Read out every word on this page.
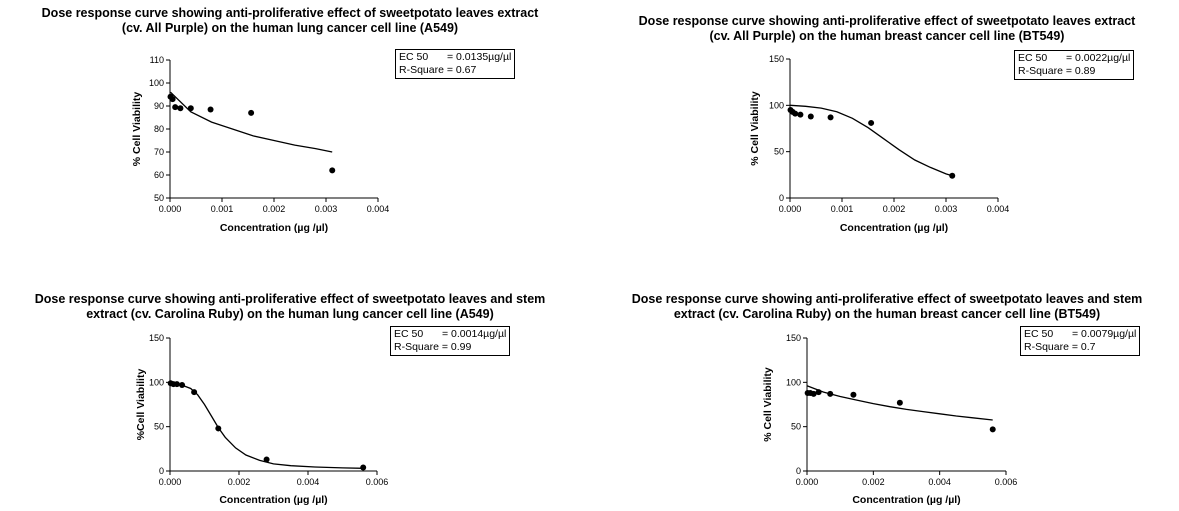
Dose response curve showing anti-proliferative effect of sweetpotato leaves extract
(cv. All Purple) on the human lung cancer cell line (A549)
50
60
70
80
90
100
110
0.000	0.001	0.002	0.003	0.004
Concentration (µg /µl)
% Cell Viability
EC 50 = 0.0135µg/µl
R-Square = 0.67
Dose response curve showing anti-proliferative effect of sweetpotato leaves extract
(cv. All Purple) on the human breast cancer cell line (BT549)
0
50
100
150
0.000	0.001	0.002	0.003	0.004
Concentration (µg /µl)
% Cell Viability
EC 50 = 0.0022µg/µl
R-Square = 0.89
Dose response curve showing anti-proliferative effect of sweetpotato leaves and stem
extract (cv. Carolina Ruby) on the human lung cancer cell line (A549)
0
50
100
150
0.000	0.002	0.004	0.006
Concentration (µg /µl)
%Cell Viability
EC 50 = 0.0014µg/µl
R-Square = 0.99
Dose response curve showing anti-proliferative effect of sweetpotato leaves and stem
extract (cv. Carolina Ruby) on the human breast cancer cell line (BT549)
0
50
100
150
0.000	0.002	0.004	0.006
Concentration (µg /µl)
% Cell Viability
EC 50 = 0.0079µg/µl
R-Square = 0.7
